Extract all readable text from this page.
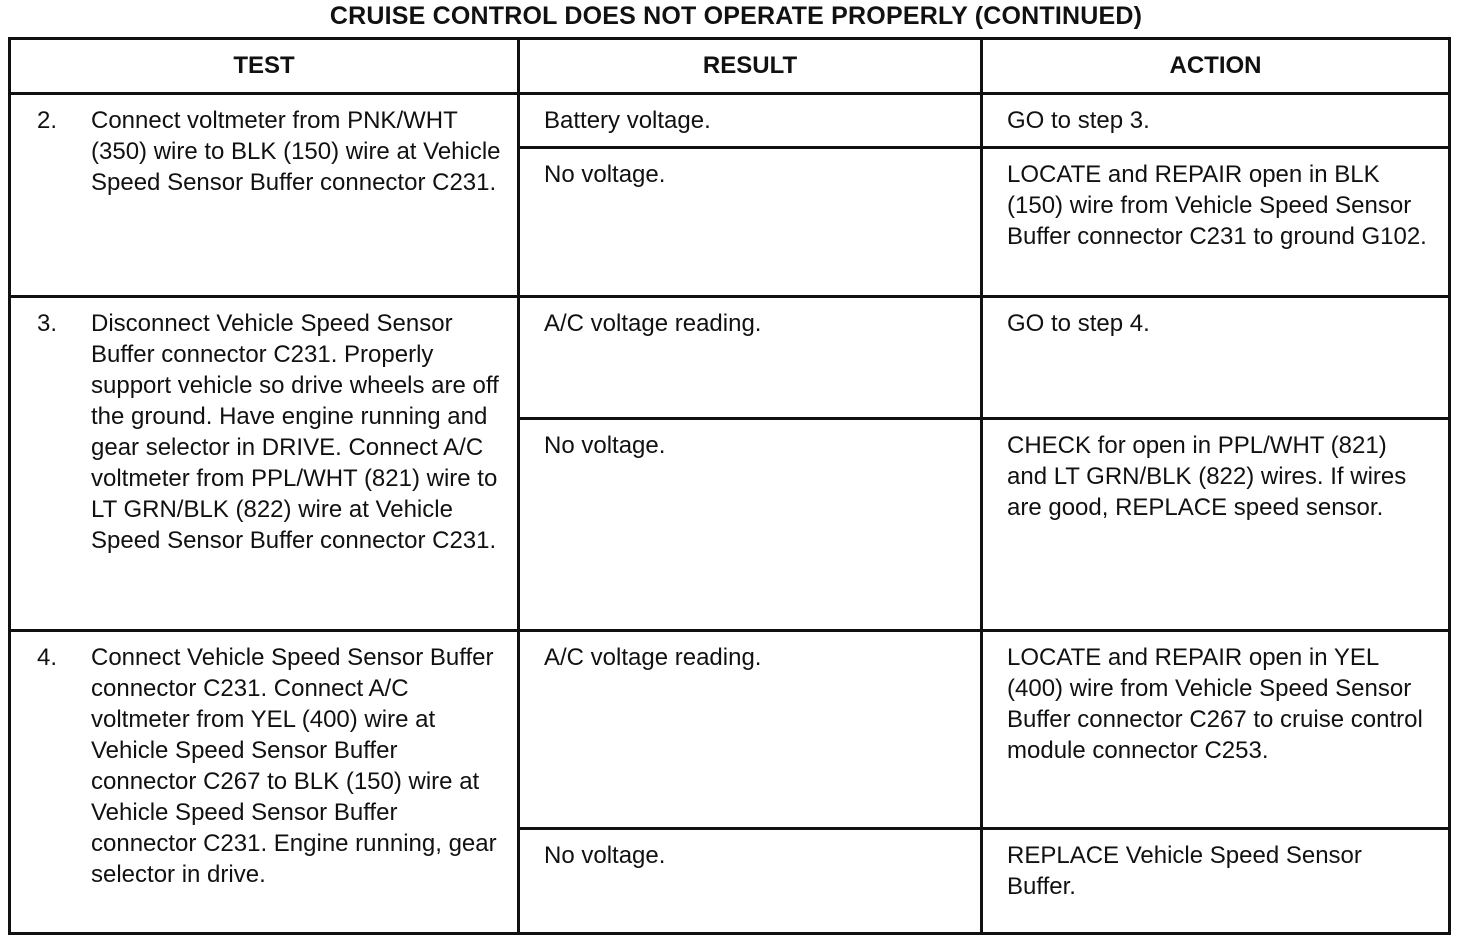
CRUISE CONTROL DOES NOT OPERATE PROPERLY (CONTINUED)
TEST	RESULT	ACTION

2. Connect voltmeter from PNK/WHT (350) wire to BLK (150) wire at Vehicle Speed Sensor Buffer connector C231.	Battery voltage.	GO to step 3.
	No voltage.	LOCATE and REPAIR open in BLK (150) wire from Vehicle Speed Sensor Buffer connector C231 to ground G102.

3. Disconnect Vehicle Speed Sensor Buffer connector C231. Properly support vehicle so drive wheels are off the ground. Have engine running and gear selector in DRIVE. Connect A/C voltmeter from PPL/WHT (821) wire to LT GRN/BLK (822) wire at Vehicle Speed Sensor Buffer connector C231.	A/C voltage reading.	GO to step 4.
	No voltage.	CHECK for open in PPL/WHT (821) and LT GRN/BLK (822) wires. If wires are good, REPLACE speed sensor.

4. Connect Vehicle Speed Sensor Buffer connector C231. Connect A/C voltmeter from YEL (400) wire at Vehicle Speed Sensor Buffer connector C267 to BLK (150) wire at Vehicle Speed Sensor Buffer connector C231. Engine running, gear selector in drive.	A/C voltage reading.	LOCATE and REPAIR open in YEL (400) wire from Vehicle Speed Sensor Buffer connector C267 to cruise control module connector C253.
	No voltage.	REPLACE Vehicle Speed Sensor Buffer.
